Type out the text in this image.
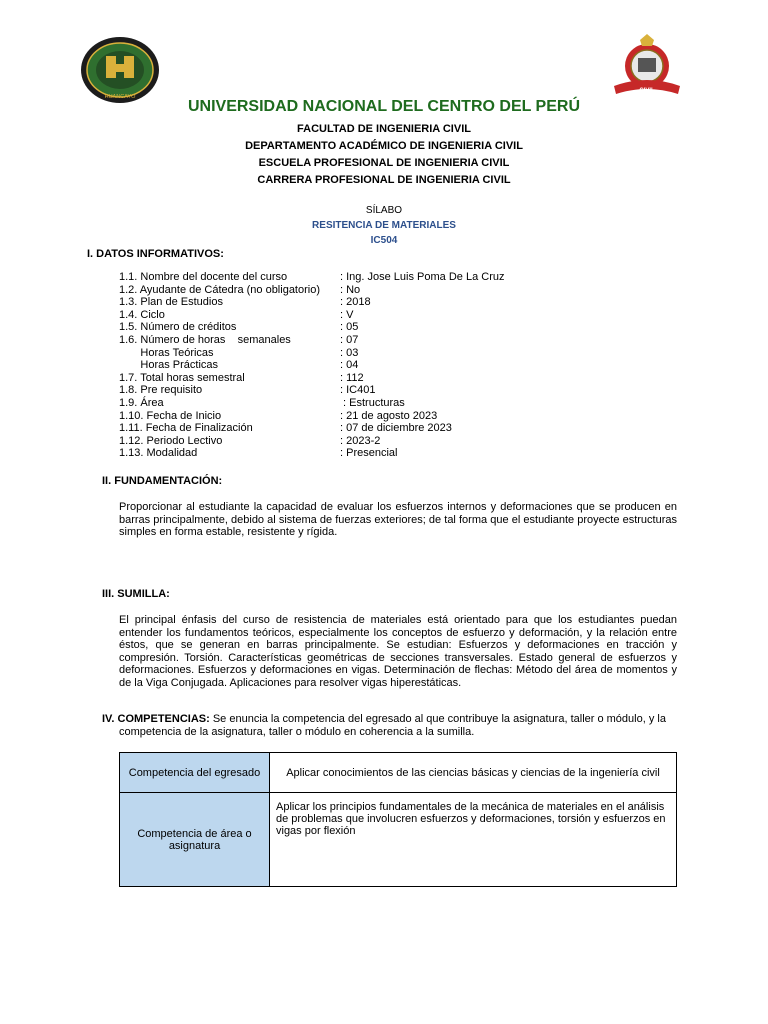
HUANCAYO
CIVIL
UNIVERSIDAD NACIONAL DEL CENTRO DEL PERÚ
FACULTAD DE INGENIERIA CIVIL
DEPARTAMENTO ACADÉMICO DE INGENIERIA CIVIL
ESCUELA PROFESIONAL DE INGENIERIA CIVIL
CARRERA PROFESIONAL DE INGENIERIA CIVIL
SÍLABO
RESITENCIA DE MATERIALES
IC504
I. DATOS INFORMATIVOS:
1.1. Nombre del docente del curso	: Ing. Jose Luis Poma De La Cruz
1.2. Ayudante de Cátedra (no obligatorio) : No
1.3. Plan de Estudios	: 2018
1.4. Ciclo	: V
1.5. Número de créditos	: 05
1.6. Número de horas    semanales	: 07
Horas Teóricas	: 03
Horas Prácticas	: 04
1.7. Total horas semestral	: 112
1.8. Pre requisito	: IC401
1.9. Área	: Estructuras
1.10. Fecha de Inicio	: 21 de agosto 2023
1.11. Fecha de Finalización	: 07 de diciembre 2023
1.12. Periodo Lectivo	: 2023-2
1.13. Modalidad	: Presencial
II. FUNDAMENTACIÓN:
Proporcionar al estudiante la capacidad de evaluar los esfuerzos internos y deformaciones que se producen en barras principalmente, debido al sistema de fuerzas exteriores; de tal forma que el estudiante proyecte estructuras simples en forma estable, resistente y rígida.
III. SUMILLA:
El principal énfasis del curso de resistencia de materiales está orientado para que los estudiantes puedan entender los fundamentos teóricos, especialmente los conceptos de esfuerzo y deformación, y la relación entre éstos, que se generan en barras principalmente. Se estudian: Esfuerzos y deformaciones en tracción y compresión. Torsión. Características geométricas de secciones transversales. Estado general de esfuerzos y deformaciones. Esfuerzos y deformaciones en vigas. Determinación de flechas: Método del área de momentos y de la Viga Conjugada. Aplicaciones para resolver vigas hiperestáticas.
IV. COMPETENCIAS: Se enuncia la competencia del egresado al que contribuye la asignatura, taller o módulo, y la competencia de la asignatura, taller o módulo en coherencia a la sumilla.
Competencia del egresado	Aplicar conocimientos de las ciencias básicas y ciencias de la ingeniería civil
Competencia de área o asignatura	Aplicar los principios fundamentales de la mecánica de materiales en el análisis de problemas que involucren esfuerzos y deformaciones, torsión y esfuerzos en vigas por flexión
